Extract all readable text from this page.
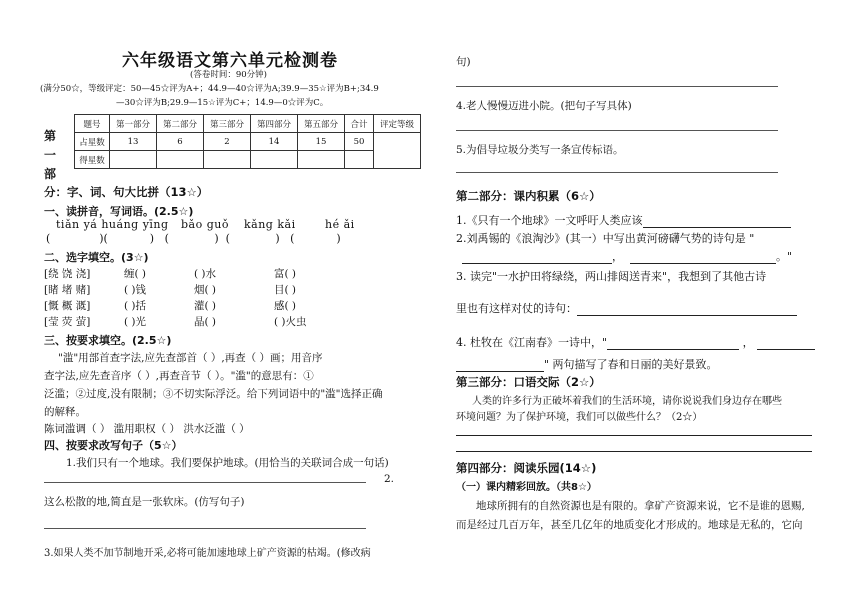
六年级语文第六单元检测卷
(答卷时间：90分钟)
(满分50☆，等级评定：50—45☆评为A+；44.9—40☆评为A;39.9—35☆评为B+;34.9
—30☆评为B;29.9—15☆评为C+；14.9—0☆评为C。
第
一
部
题号	第一部分	第二部分	第三部分	第四部分	第五部分	合计	评定等级
占星数	13	6	2	14	15	50	
得星数							
分：字、词、句大比拼（13☆）
一、读拼音，写词语。(2.5☆)
tiǎn yá huáng yīng bǎo guǒ kǎng kǎi	hé ǎi
(              )(            )   (             )  (             )   (            )
二、选字填空。(3☆)
[绕 饶 浇]	缠( )	( )水	富( )
[睹 堵 赌]	( )钱	烟( )	目( )
[慨 概 溉]	( )括	灌( )	感( )
[莹 荧 萤]	( )光	晶( )	( )火虫
三、按要求填空。(2.5☆)
"滥"用部首查字法,应先查部首（ ）,再查（ ）画；用音序
查字法,应先查音序（ ）,再查音节（ ）。"滥"的意思有：①
泛滥；②过度,没有限制；③不切实际浮泛。给下列词语中的"滥"选择正确
的解释。
陈词滥调（ ） 滥用职权（ ） 洪水泛滥（ ）
四、按要求改写句子（5☆）
1.我们只有一个地球。我们要保护地球。(用恰当的关联词合成一句话)
2.
这么松散的地,简直是一张软床。(仿写句子)
3.如果人类不加节制地开采,必将可能加速地球上矿产资源的枯竭。(修改病
句)
4.老人慢慢迈进小院。(把句子写具体)
5.为倡导垃圾分类写一条宣传标语。
第二部分：课内积累（6☆）
1.《只有一个地球》一文呼吁人类应该
2.刘禹锡的《浪淘沙》(其一）中写出黄河磅礴气势的诗句是 "
，	。"
3. 读完"一水护田将绿绕，两山排闼送青来"，我想到了其他古诗
里也有这样对仗的诗句：
4. 杜牧在《江南春》一诗中，"	，
" 两句描写了春和日丽的美好景致。
第三部分：口语交际（2☆）
人类的许多行为正破坏着我们的生活环境，请你说说我们身边存在哪些
环境问题？为了保护环境，我们可以做些什么？（2☆）
第四部分：阅读乐园(14☆)
（一）课内精彩回放。（共8☆）
地球所拥有的自然资源也是有限的。拿矿产资源来说，它不是谁的恩赐,
而是经过几百万年，甚至几亿年的地质变化才形成的。地球是无私的，它向
